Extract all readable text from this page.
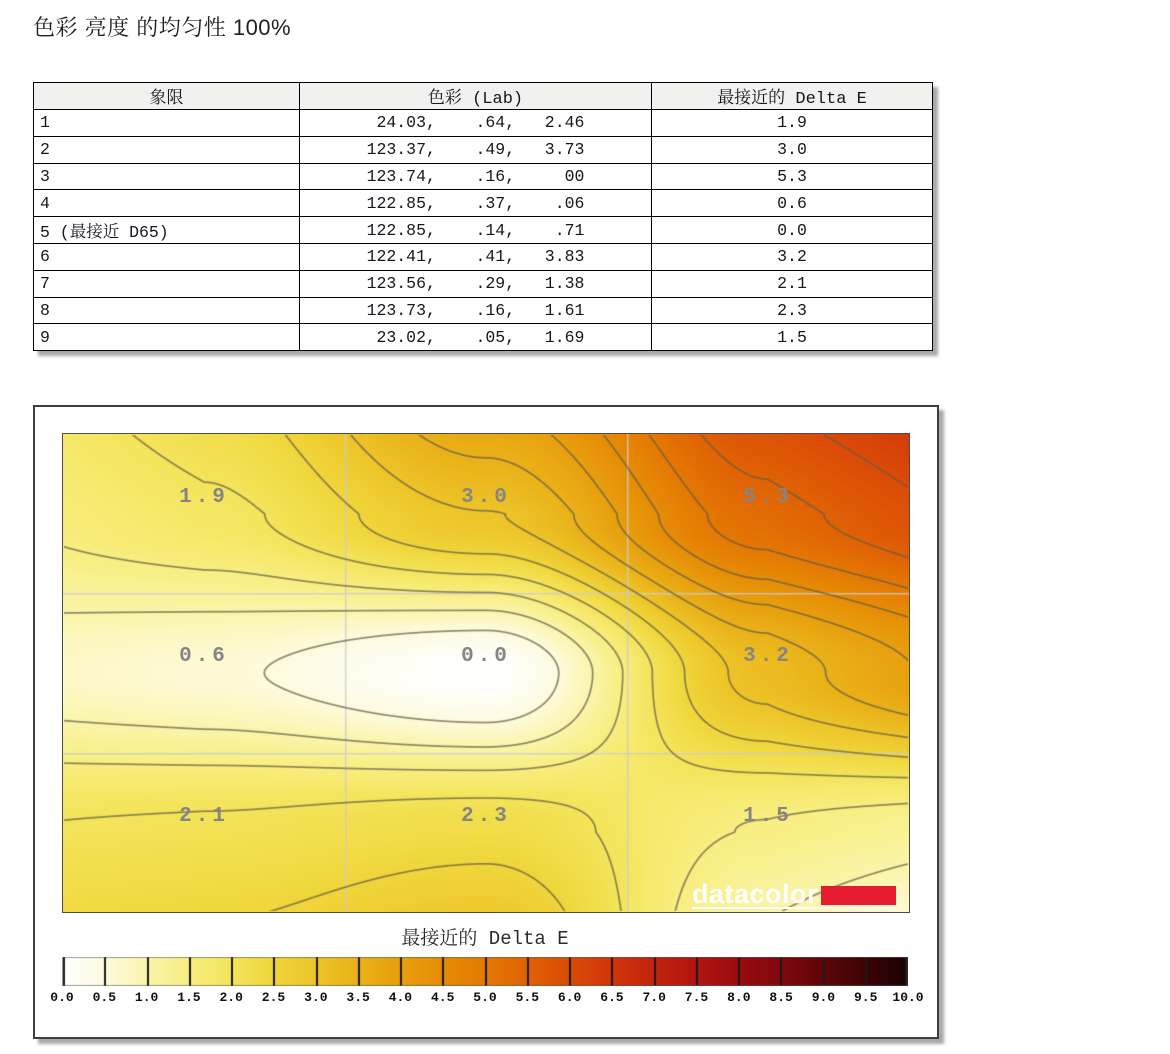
色彩 亮度 的均匀性 100%
象限	色彩 (Lab)	最接近的 Delta E
1	24.03,    .64,   2.46	1.9
2	123.37,    .49,   3.73	3.0
3	123.74,    .16,     00	5.3
4	122.85,    .37,    .06	0.6
5 (最接近 D65)	122.85,    .14,    .71	0.0
6	122.41,    .41,   3.83	3.2
7	123.56,    .29,   1.38	2.1
8	123.73,    .16,   1.61	2.3
9	23.02,    .05,   1.69	1.5
1.9	3.0	5.3
0.6	0.0	3.2
2.1	2.3	1.5
datacolor
最接近的 Delta E
0.0	0.5	1.0	1.5	2.0	2.5	3.0	3.5	4.0	4.5	5.0	5.5	6.0	6.5	7.0	7.5	8.0	8.5	9.0	9.5	10.0
